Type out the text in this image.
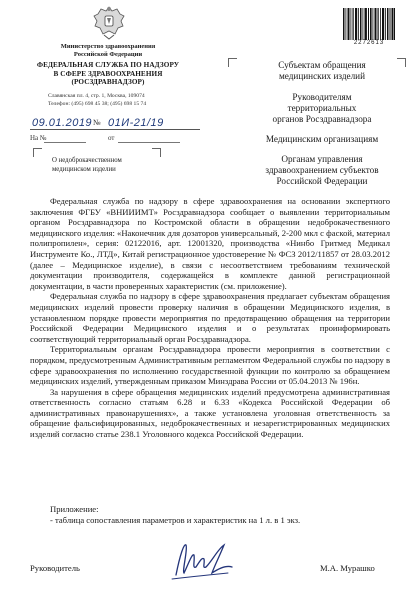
Министерство здравоохранения
Российской Федерации
ФЕДЕРАЛЬНАЯ СЛУЖБА ПО НАДЗОРУ
В СФЕРЕ ЗДРАВООХРАНЕНИЯ
(РОСЗДРАВНАДЗОР)
Славянская пл. 4, стр. 1, Москва, 109074
Телефон: (495) 698 45 38; (495) 698 15 74
09.01.2019 № 01И-21/19
На №	от
О недоброкачественном
медицинском изделии
2272613
Субъектам обращения
медицинских изделий
Руководителям
территориальных
органов Росздравнадзора
Медицинским организациям
Органам управления
здравоохранением субъектов
Российской Федерации

Федеральная служба по надзору в сфере здравоохранения на основании экспертного заключения ФГБУ «ВНИИИМТ» Росздравнадзора сообщает о выявлении территориальным органом Росздравнадзора по Костромской области в обращении недоброкачественного медицинского изделия: «Наконечник для дозаторов универсальный, 2-200 мкл с фаской, материал полипропилен», серия: 02122016, арт. 12001320, производства «Нинбо Гритмед Медикал Инструменте Ко., ЛТД», Китай регистрационное удостоверение № ФСЗ 2012/11857 от 28.03.2012 (далее – Медицинское изделие), в связи с несоответствием требованиям технической документации производителя, содержащейся в комплекте данной регистрационной документации, в части проверенных характеристик (см. приложение).

Федеральная служба по надзору в сфере здравоохранения предлагает субъектам обращения медицинских изделий провести проверку наличия в обращении Медицинского изделия, в установленном порядке провести мероприятия по предотвращению обращения на территории Российской Федерации Медицинского изделия и о результатах проинформировать соответствующий территориальный орган Росздравнадзора.

Территориальным органам Росздравнадзора провести мероприятия в соответствии с порядком, предусмотренным Административным регламентом Федеральной службы по надзору в сфере здравоохранения по исполнению государственной функции по контролю за обращением медицинских изделий, утвержденным приказом Минздрава России от 05.04.2013 № 196н.

За нарушения в сфере обращения медицинских изделий предусмотрена административная ответственность согласно статьям 6.28 и 6.33 «Кодекса Российской Федерации об административных правонарушениях», а также установлена уголовная ответственность за обращение фальсифицированных, недоброкачественных и незарегистрированных медицинских изделий согласно статье 238.1 Уголовного кодекса Российской Федерации.

Приложение:
- таблица сопоставления параметров и характеристик на 1 л. в 1 экз.
Руководитель	М.А. Мурашко
